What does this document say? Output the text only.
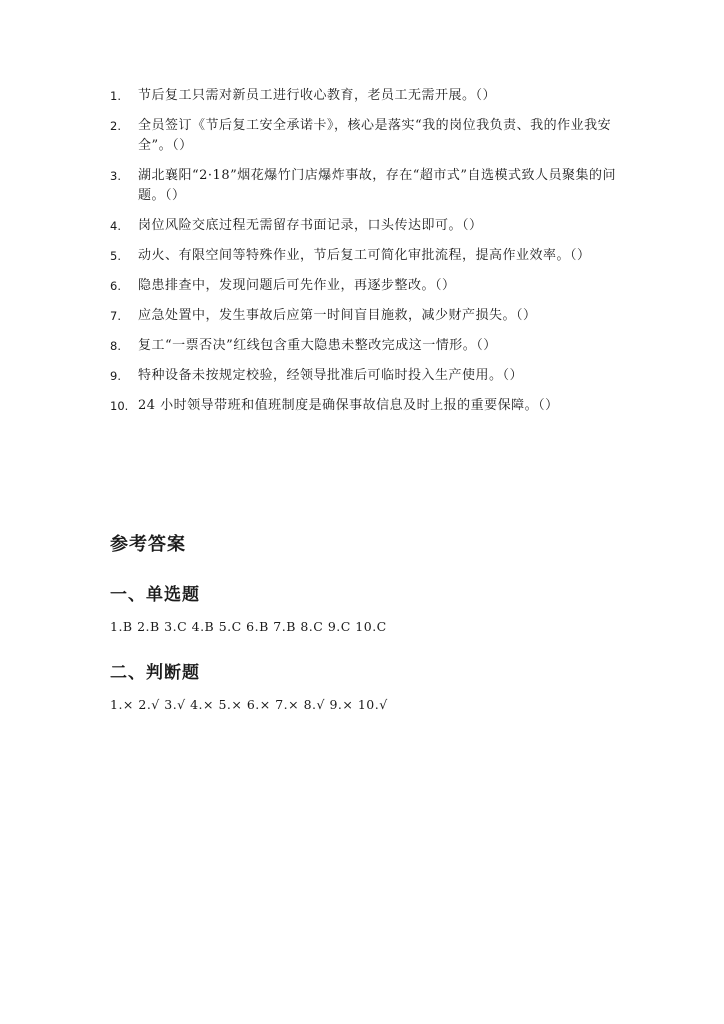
1.	节后复工只需对新员工进行收心教育，老员工无需开展。（）
2.	全员签订《节后复工安全承诺卡》，核心是落实“我的岗位我负责、我的作业我安全”。（）
3.	湖北襄阳“2·18”烟花爆竹门店爆炸事故，存在“超市式”自选模式致人员聚集的问题。（）
4.	岗位风险交底过程无需留存书面记录，口头传达即可。（）
5.	动火、有限空间等特殊作业，节后复工可简化审批流程，提高作业效率。（）
6.	隐患排查中，发现问题后可先作业，再逐步整改。（）
7.	应急处置中，发生事故后应第一时间盲目施救，减少财产损失。（）
8.	复工“一票否决”红线包含重大隐患未整改完成这一情形。（）
9.	特种设备未按规定校验，经领导批准后可临时投入生产使用。（）
10. 24 小时领导带班和值班制度是确保事故信息及时上报的重要保障。（）
参考答案
一、单选题

1.B 2.B 3.C 4.B 5.C 6.B 7.B 8.C 9.C 10.C

二、判断题

1.× 2.√ 3.√ 4.× 5.× 6.× 7.× 8.√ 9.× 10.√
